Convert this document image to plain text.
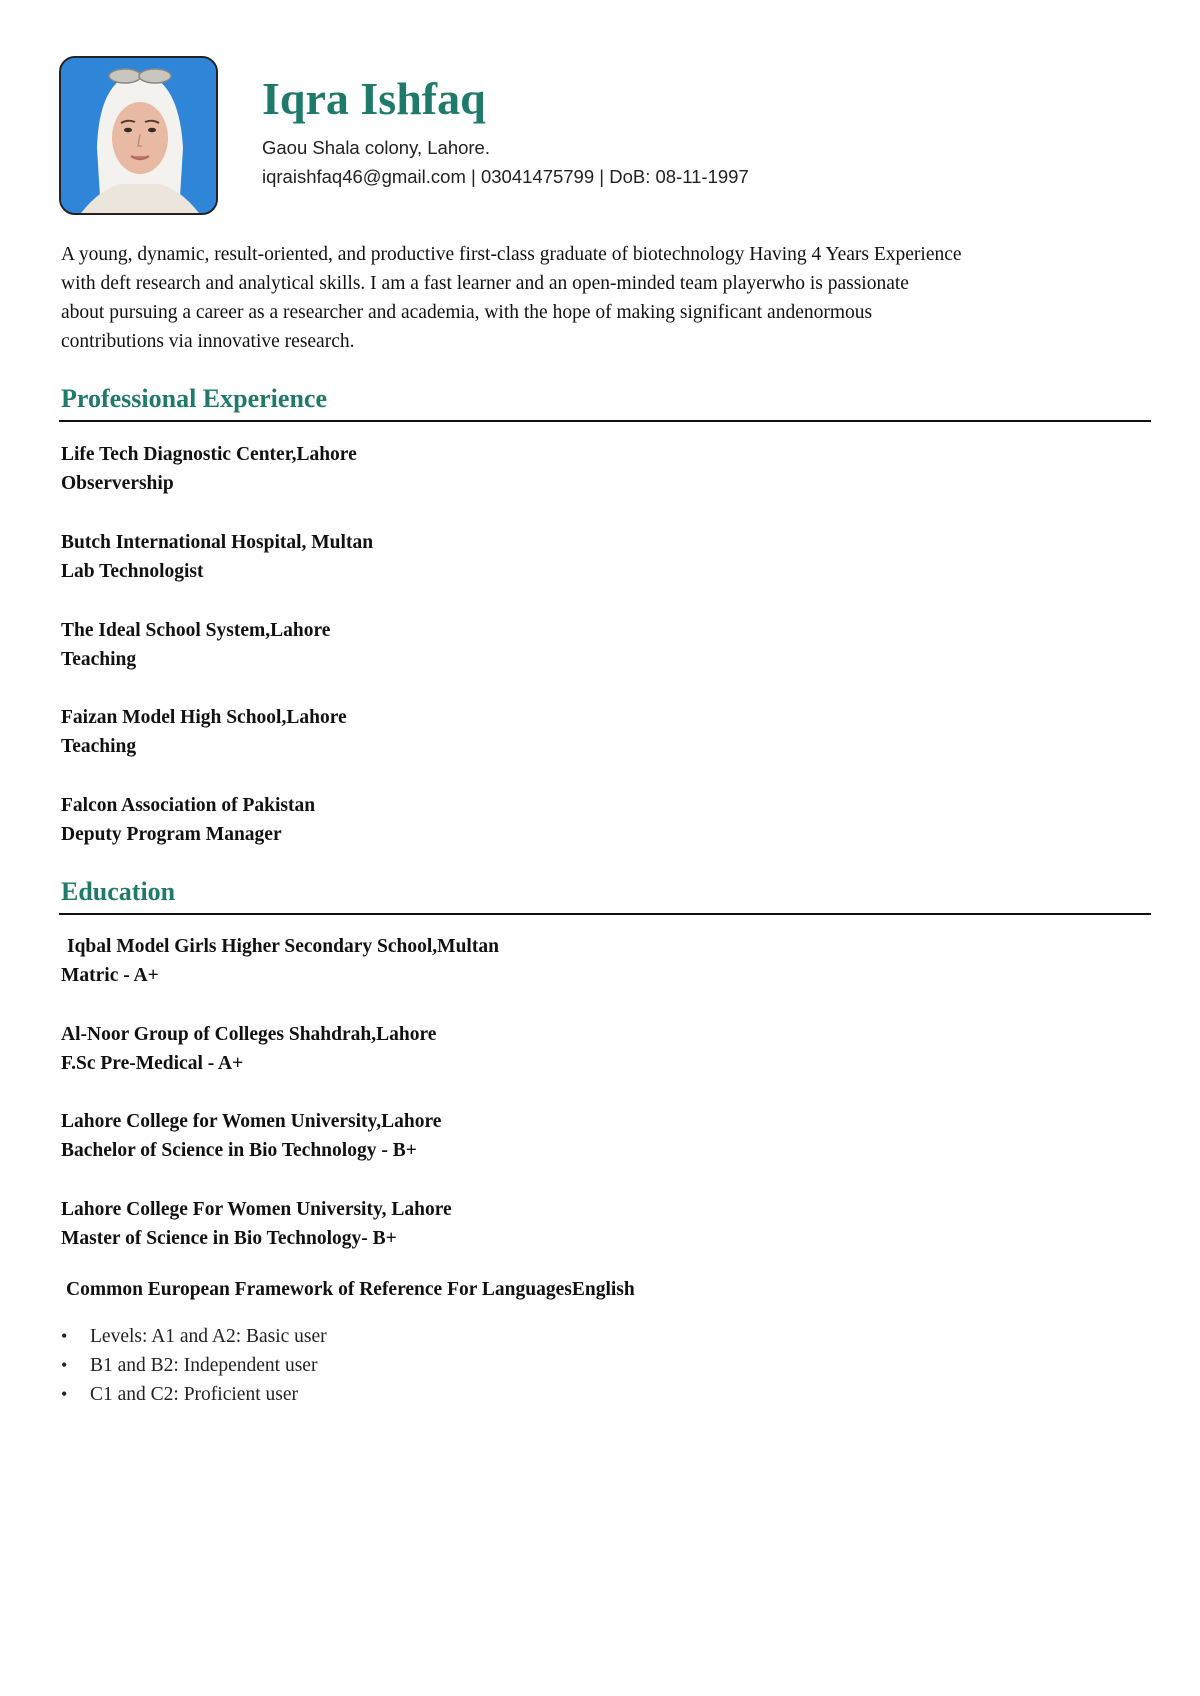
Iqra Ishfaq

Gaou Shala colony, Lahore.

iqraishfaq46@gmail.com | 03041475799 | DoB: 08-11-1997

A young, dynamic, result-oriented, and productive first-class graduate of biotechnology Having 4 Years Experience
with deft research and analytical skills. I am a fast learner and an open-minded team playerwho is passionate
about pursuing a career as a researcher and academia, with the hope of making significant andenormous
contributions via innovative research.
Professional Experience
Life Tech Diagnostic Center,Lahore
Observership
Butch International Hospital, Multan
Lab Technologist
The Ideal School System,Lahore
Teaching
Faizan Model High School,Lahore
Teaching
Falcon Association of Pakistan
Deputy Program Manager
Education
Iqbal Model Girls Higher Secondary School,Multan
Matric - A+
Al-Noor Group of Colleges Shahdrah,Lahore
F.Sc Pre-Medical - A+
Lahore College for Women University,Lahore
Bachelor of Science in Bio Technology - B+
Lahore College For Women University, Lahore
Master of Science in Bio Technology- B+

Common European Framework of Reference For LanguagesEnglish

• Levels: A1 and A2: Basic user
• B1 and B2: Independent user
• C1 and C2: Proficient user
